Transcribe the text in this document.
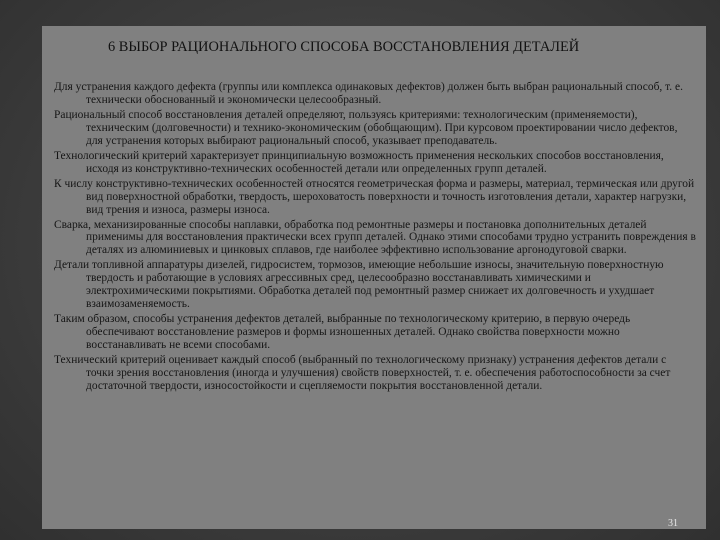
6 ВЫБОР РАЦИОНАЛЬНОГО СПОСОБА ВОССТАНОВЛЕНИЯ ДЕТАЛЕЙ
Для устранения каждого дефекта (группы или комплекса одинаковых дефектов) должен быть выбран рациональный способ, т. е. технически обоснованный и экономически целесообразный.
Рациональный способ восстановления деталей определяют, пользуясь критериями: технологическим (применяемости), техническим (долговечности) и технико-экономическим (обобщающим). При курсовом проектировании число дефектов, для устранения которых выбирают рациональный способ, указывает преподаватель.
Технологический критерий характеризует принципиальную возможность применения нескольких способов восстановления, исходя из конструктивно-технических особенностей детали или определенных групп деталей.
К числу конструктивно-технических особенностей относятся геометрическая форма и размеры, материал, термическая или другой вид поверхностной обработки, твердость, шероховатость поверхности и точность изготовления детали, характер нагрузки, вид трения и износа, размеры износа.
Сварка, механизированные способы наплавки, обработка под ремонтные размеры и постановка дополнительных деталей применимы для восстановления практически всех групп деталей. Однако этими способами трудно устранить повреждения в деталях из алюминиевых и цинковых сплавов, где наиболее эффективно использование аргонодуговой сварки.
Детали топливной аппаратуры дизелей, гидросистем, тормозов, имеющие небольшие износы, значительную поверхностную твердость и работающие в условиях агрессивных сред, целесообразно восстанавливать химическими и электрохимическими покрытиями. Обработка деталей под ремонтный размер снижает их долговечность и ухудшает взаимозаменяемость.
Таким образом, способы устранения дефектов деталей, выбранные по технологическому критерию, в первую очередь обеспечивают восстановление размеров и формы изношенных деталей. Однако свойства поверхности можно восстанавливать не всеми способами.
Технический критерий оценивает каждый способ (выбранный по технологическому признаку) устранения дефектов детали с точки зрения восстановления (иногда и улучшения) свойств поверхностей, т. е. обеспечения работоспособности за счет достаточной твердости, износостойкости и сцепляемости покрытия восстановленной детали.
31
